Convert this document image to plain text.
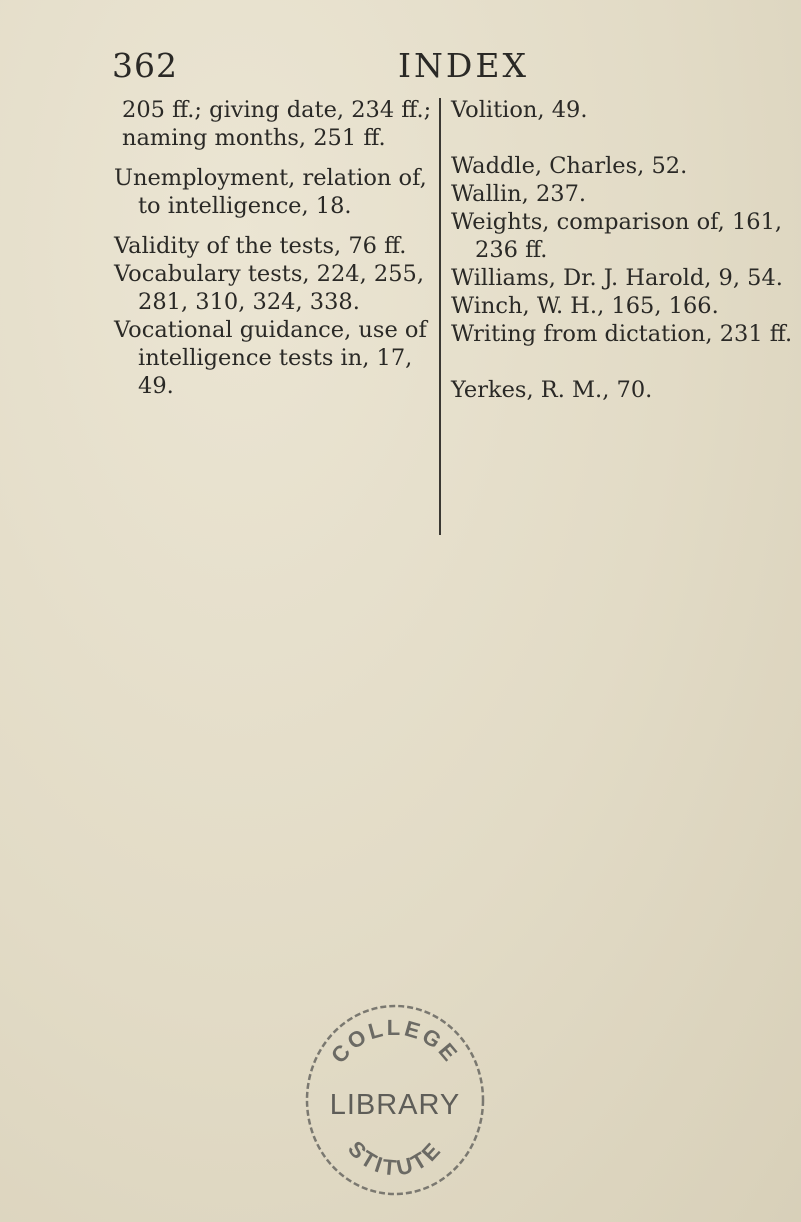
362	INDEX

205 ff.; giving date, 234 ff.; naming months, 251 ff.

Unemployment, relation of, to intelligence, 18.

Validity of the tests, 76 ff.

Vocabulary tests, 224, 255, 281, 310, 324, 338.

Vocational guidance, use of intelligence tests in, 17, 49.

Volition, 49.

Waddle, Charles, 52.

Wallin, 237.

Weights, comparison of, 161, 236 ff.

Williams, Dr. J. Harold, 9, 54.

Winch, W. H., 165, 166.

Writing from dictation, 231 ff.

Yerkes, R. M., 70.

COLLEGE
LIBRARY
STITUTE
